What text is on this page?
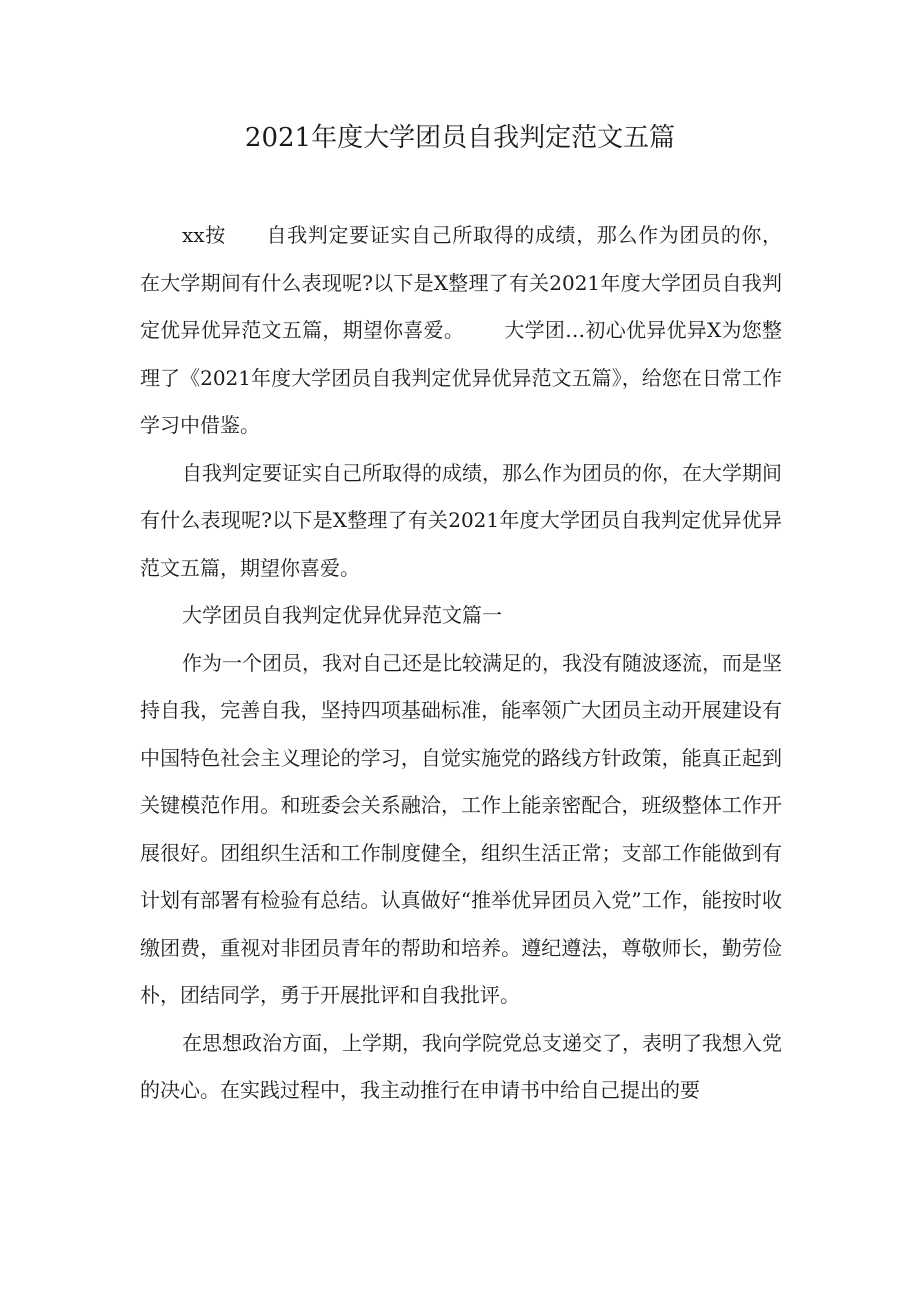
2021年度大学团员自我判定范文五篇

xx按 自我判定要证实自己所取得的成绩，那么作为团员的你，在大学期间有什么表现呢?以下是X整理了有关2021年度大学团员自我判定优异优异范文五篇，期望你喜爱。 大学团…初心优异优异X为您整理了《2021年度大学团员自我判定优异优异范文五篇》，给您在日常工作学习中借鉴。

自我判定要证实自己所取得的成绩，那么作为团员的你，在大学期间有什么表现呢?以下是X整理了有关2021年度大学团员自我判定优异优异范文五篇，期望你喜爱。

大学团员自我判定优异优异范文篇一

作为一个团员，我对自己还是比较满足的，我没有随波逐流，而是坚持自我，完善自我，坚持四项基础标准，能率领广大团员主动开展建设有中国特色社会主义理论的学习，自觉实施党的路线方针政策，能真正起到关键模范作用。和班委会关系融洽，工作上能亲密配合，班级整体工作开展很好。团组织生活和工作制度健全，组织生活正常；支部工作能做到有计划有部署有检验有总结。认真做好“推举优异团员入党”工作，能按时收缴团费，重视对非团员青年的帮助和培养。遵纪遵法，尊敬师长，勤劳俭朴，团结同学，勇于开展批评和自我批评。

在思想政治方面，上学期，我向学院党总支递交了，表明了我想入党的决心。在实践过程中，我主动推行在申请书中给自己提出的要
